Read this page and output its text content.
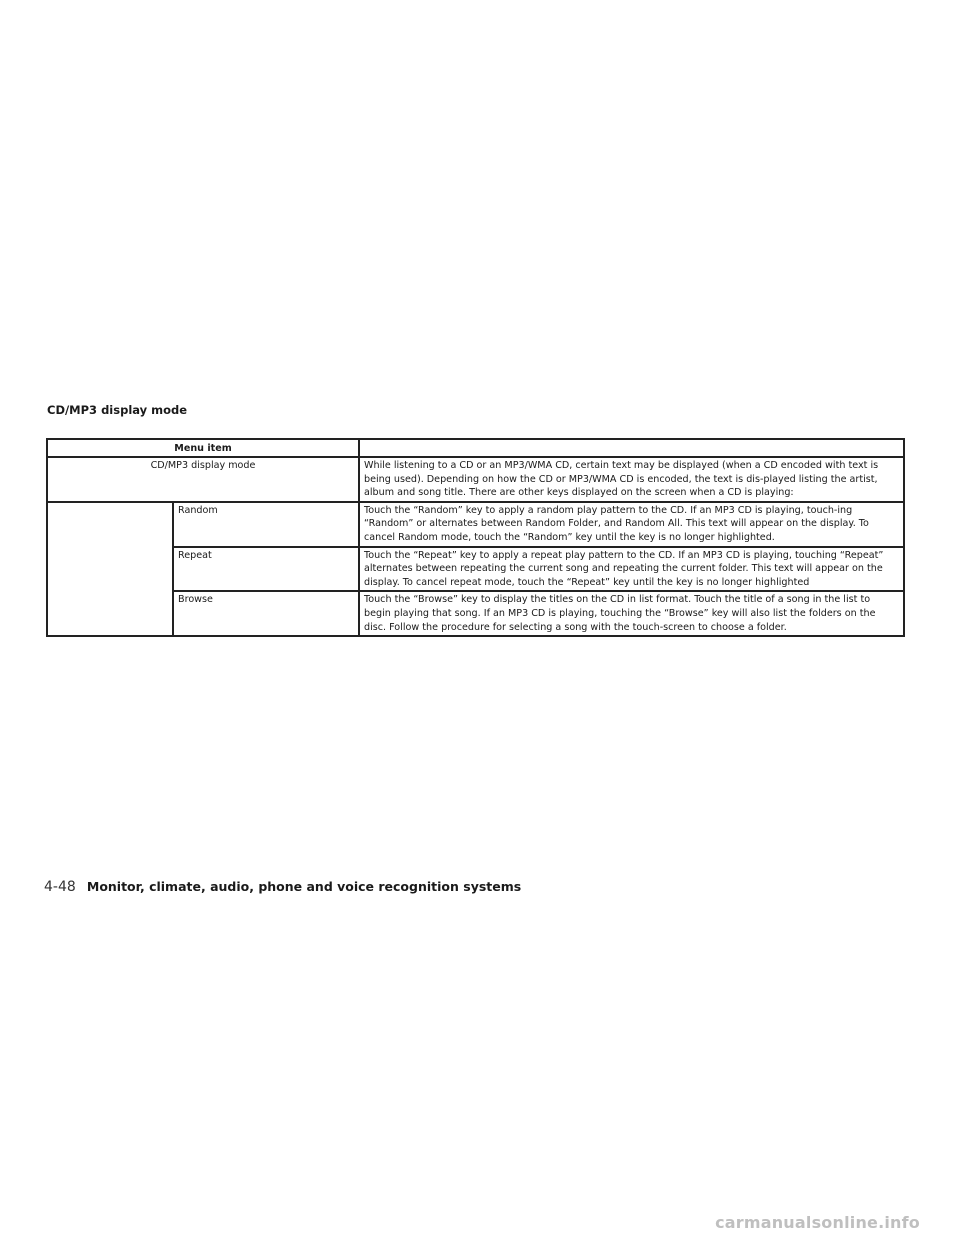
CD/MP3 display mode
Menu item		
CD/MP3 display mode		While listening to a CD or an MP3/WMA CD, certain text may be displayed (when a CD encoded with text is being used). Depending on how the CD or MP3/WMA CD is encoded, the text is dis-played listing the artist, album and song title. There are other keys displayed on the screen when a CD is playing:
	Random	Touch the “Random” key to apply a random play pattern to the CD. If an MP3 CD is playing, touch-ing “Random” or alternates between Random Folder, and Random All. This text will appear on the display. To cancel Random mode, touch the “Random” key until the key is no longer highlighted.
	Repeat	Touch the “Repeat” key to apply a repeat play pattern to the CD. If an MP3 CD is playing, touching “Repeat” alternates between repeating the current song and repeating the current folder. This text will appear on the display. To cancel repeat mode, touch the “Repeat” key until the key is no longer highlighted
	Browse	Touch the “Browse” key to display the titles on the CD in list format. Touch the title of a song in the list to begin playing that song. If an MP3 CD is playing, touching the “Browse” key will also list the folders on the disc. Follow the procedure for selecting a song with the touch-screen to choose a folder.
4-48 Monitor, climate, audio, phone and voice recognition systems
carmanualsonline.info
